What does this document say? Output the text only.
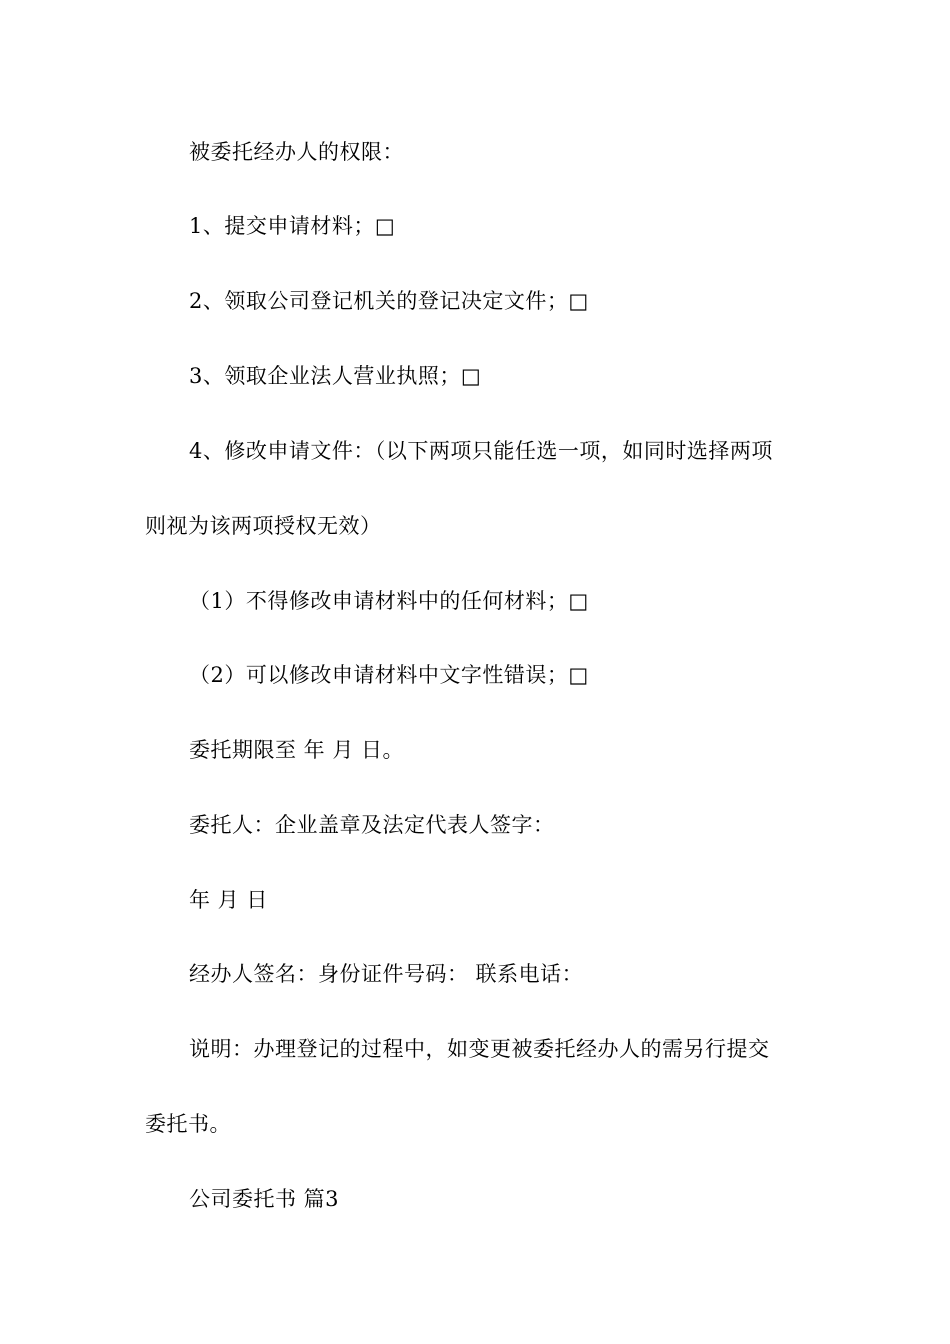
被委托经办人的权限：
1、提交申请材料；□
2、领取公司登记机关的登记决定文件；□
3、领取企业法人营业执照；□
4、修改申请文件：（以下两项只能任选一项，如同时选择两项
则视为该两项授权无效）
（1）不得修改申请材料中的任何材料；□
（2）可以修改申请材料中文字性错误；□
委托期限至 年 月 日。
委托人：企业盖章及法定代表人签字：
年 月 日
经办人签名：身份证件号码： 联系电话：
说明：办理登记的过程中，如变更被委托经办人的需另行提交
委托书。
公司委托书 篇3
